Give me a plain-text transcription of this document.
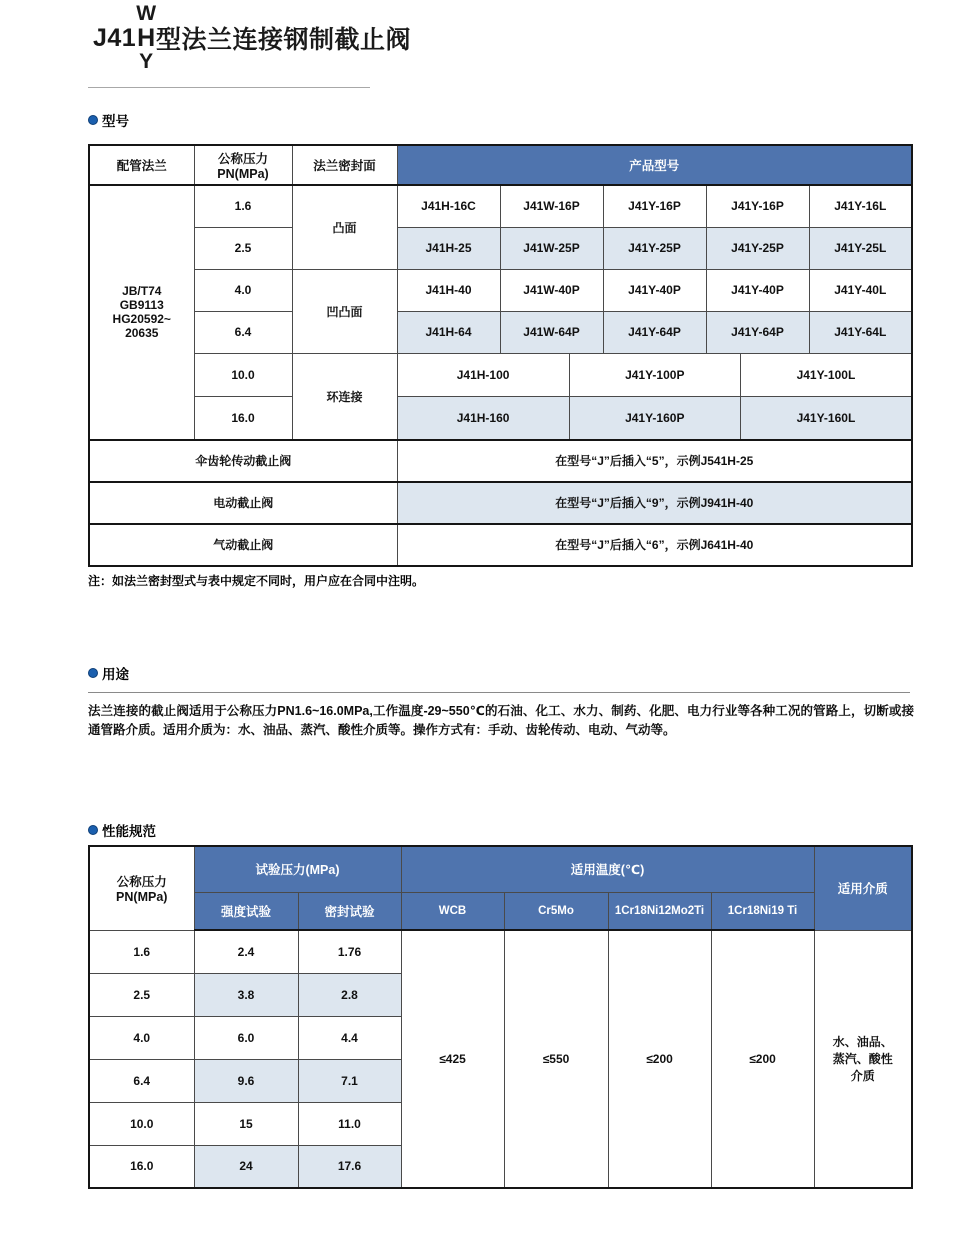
J41
W
H
Y
型法兰连接钢制截止阀
型号
配管法兰	公称压力
PN(MPa)	法兰密封面	产品型号				
JB/T74
GB9113
HG20592~
20635	1.6	凸面	J41H-16C	J41W-16P	J41Y-16P	J41Y-16P	J41Y-16L
	2.5		J41H-25	J41W-25P	J41Y-25P	J41Y-25P	J41Y-25L
	4.0	凹凸面	J41H-40	J41W-40P	J41Y-40P	J41Y-40P	J41Y-40L
	6.4		J41H-64	J41W-64P	J41Y-64P	J41Y-64P	J41Y-64L
	10.0	环连接	J41H-100 J41Y-100P J41Y-100L				

	16.0		J41H-160 J41Y-160P J41Y-160L				

伞齿轮传动截止阀			在型号“J”后插入“5”，示例J541H-25				
电动截止阀			在型号“J”后插入“9”，示例J941H-40				
气动截止阀			在型号“J”后插入“6”，示例J641H-40				
注：如法兰密封型式与表中规定不同时，用户应在合同中注明。
用途
法兰连接的截止阀适用于公称压力PN1.6~16.0MPa,工作温度-29~550℃的石油、化工、水力、制药、化肥、电力行业等各种工况的管路上，切断或接通管路介质。适用介质为：水、油品、蒸汽、酸性介质等。操作方式有：手动、齿轮传动、电动、气动等。
性能规范
公称压力
PN(MPa)	试验压力(MPa)		适用温度(℃)				适用介质
	强度试验	密封试验	WCB	Cr5Mo	1Cr18Ni12Mo2Ti	1Cr18Ni19 Ti	
1.6	2.4	1.76	≤425	≤550	≤200	≤200	水、油品、
蒸汽、酸性
介质
2.5	3.8	2.8					
4.0	6.0	4.4					
6.4	9.6	7.1					
10.0	15	11.0					
16.0	24	17.6					
